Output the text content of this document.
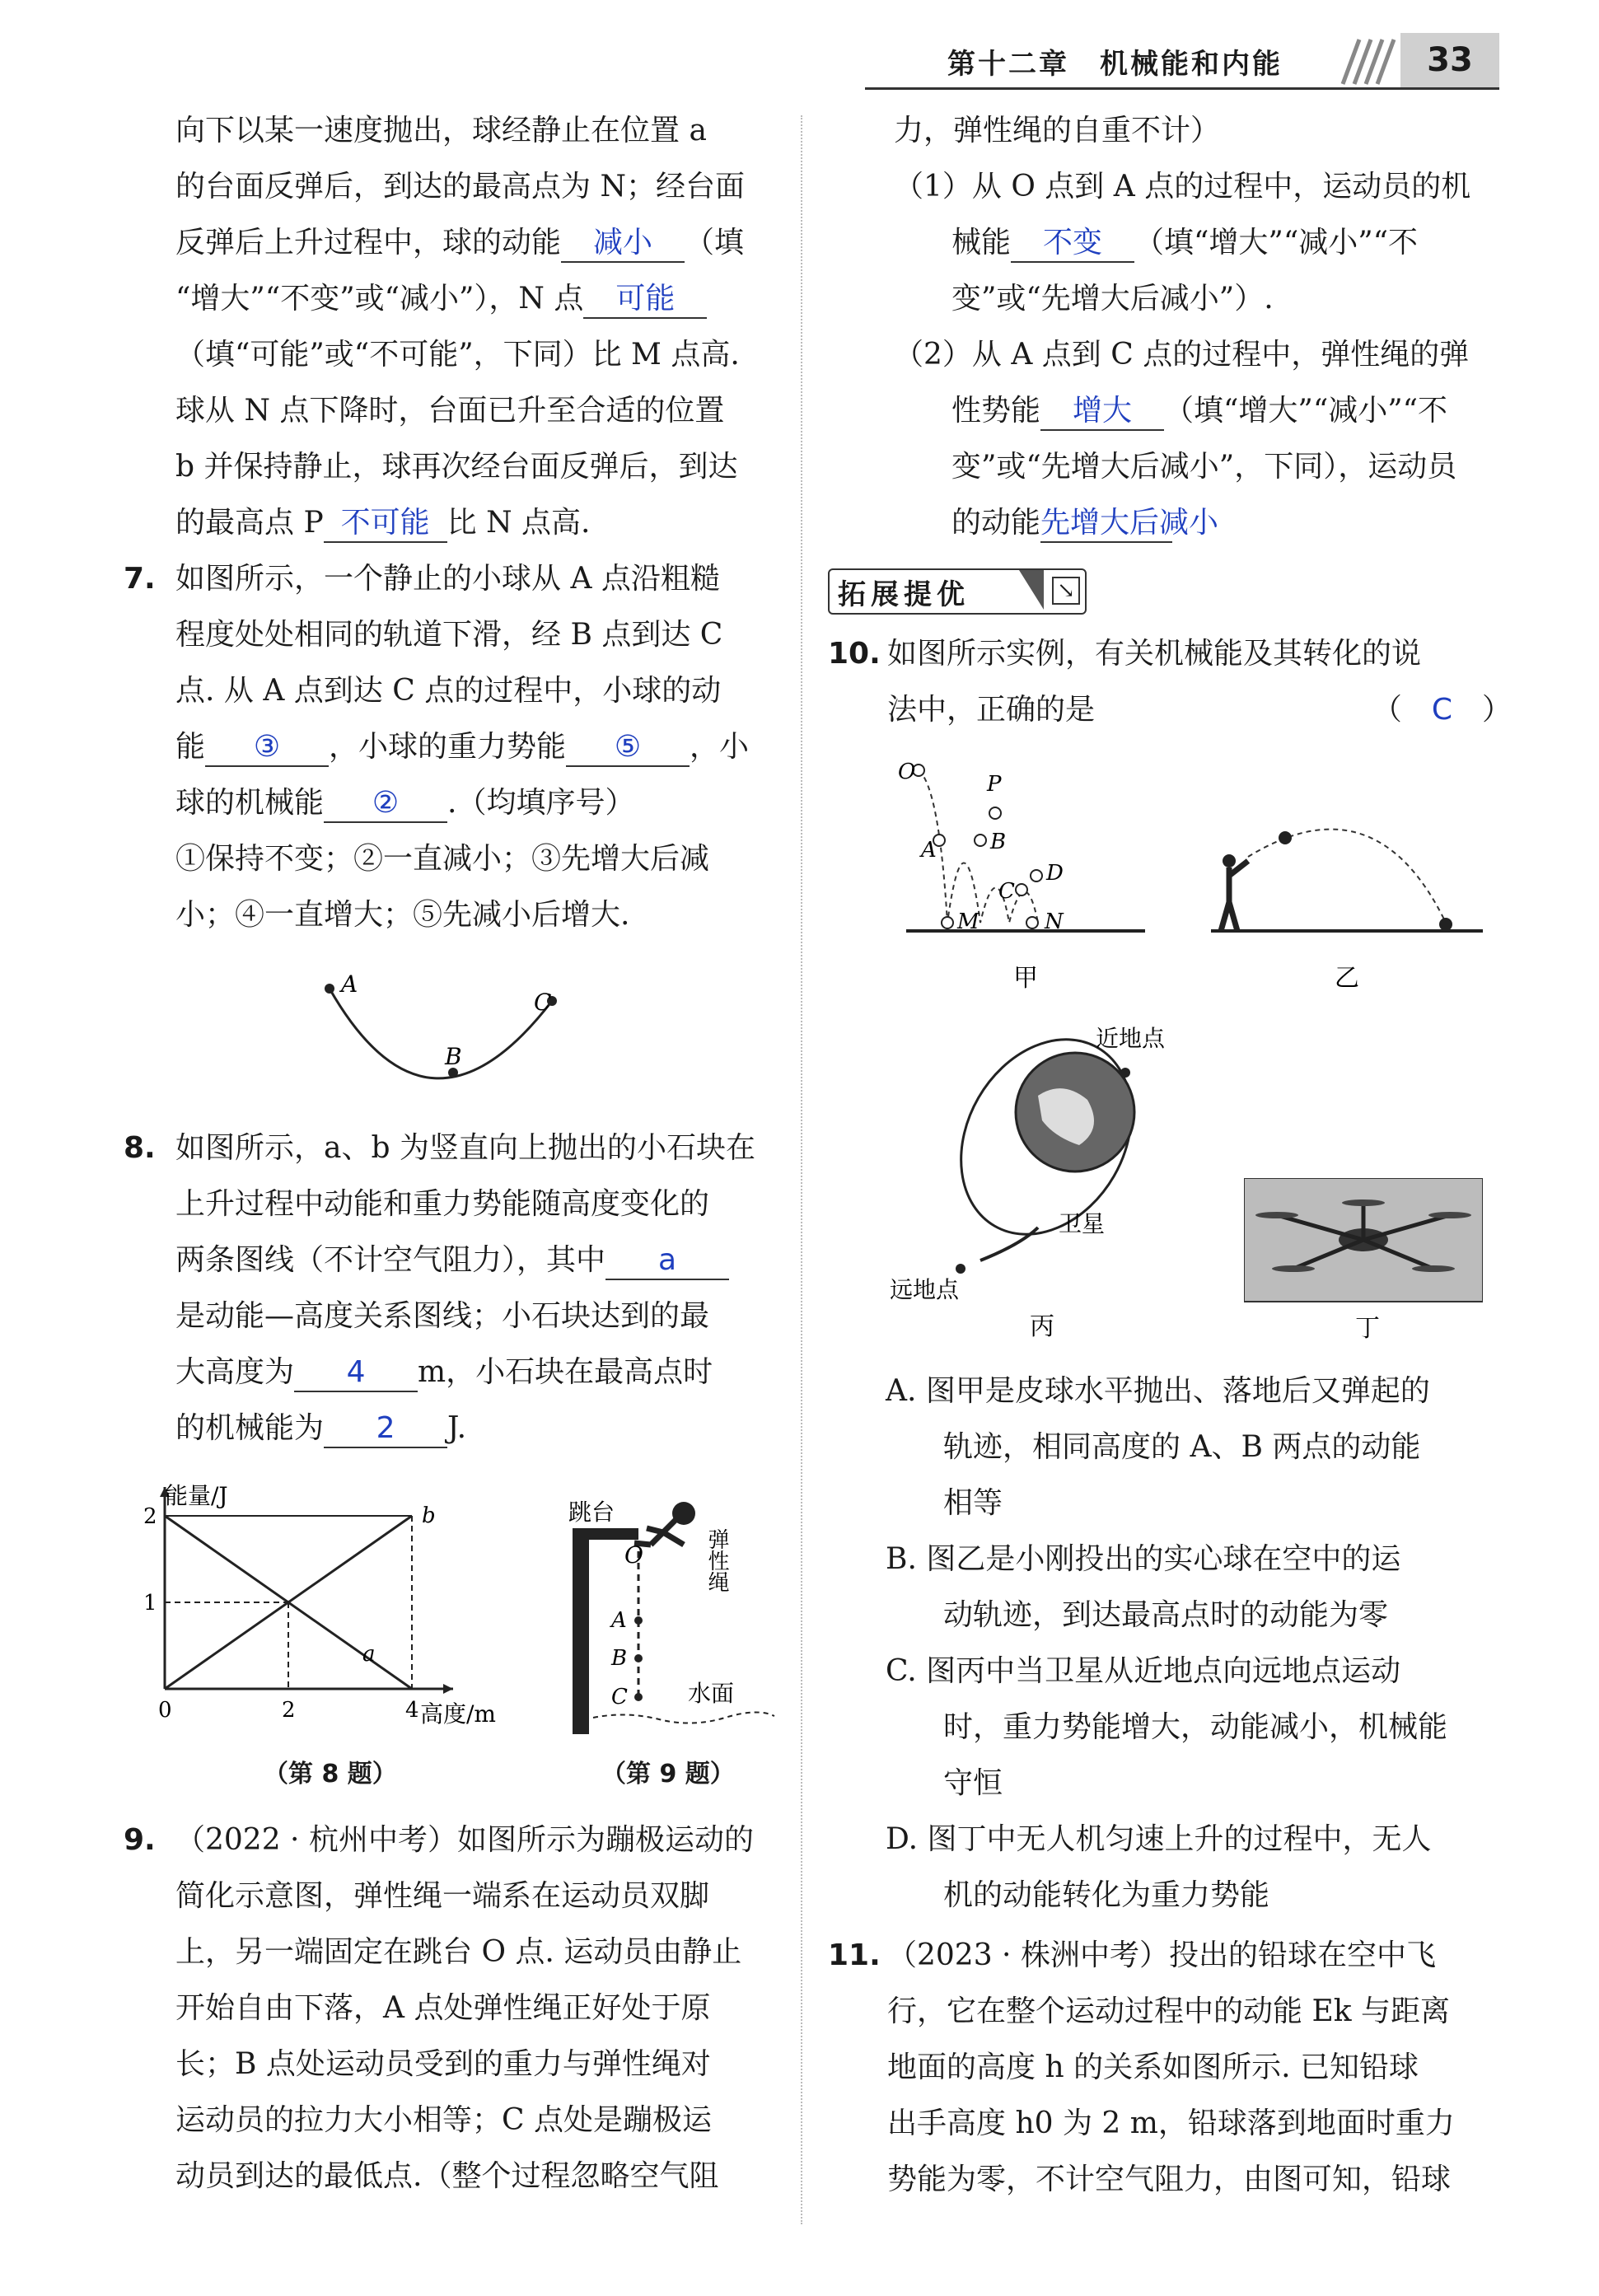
第十二章　机械能和内能	33
向下以某一速度抛出，球经静止在位置 a
的台面反弹后，到达的最高点为 N；经台面
反弹后上升过程中，球的动能 减小 （填
“增大”“不变”或“减小”），N 点 可能
（填“可能”或“不可能”，下同）比 M 点高.
球从 N 点下降时，台面已升至合适的位置
b 并保持静止，球再次经台面反弹后，到达
的最高点 P 不可能 比 N 点高.
7. 如图所示，一个静止的小球从 A 点沿粗糙
程度处处相同的轨道下滑，经 B 点到达 C
点. 从 A 点到达 C 点的过程中，小球的动
能 ③ ，小球的重力势能 ⑤ ，小
球的机械能 ② .（均填序号）
①保持不变；②一直减小；③先增大后减
小；④一直增大；⑤先减小后增大.
A
B
C
8. 如图所示，a、b 为竖直向上抛出的小石块在
上升过程中动能和重力势能随高度变化的
两条图线（不计空气阻力），其中 a
是动能—高度关系图线；小石块达到的最
大高度为 4 m，小石块在最高点时
的机械能为 2 J.
b
a
0	2	4
1
2
能量/J
高度/m
（第 8 题）
跳台
O	弹性绳
A
B
C	水面
（第 9 题）
9. （2022 · 杭州中考）如图所示为蹦极运动的
简化示意图，弹性绳一端系在运动员双脚
上，另一端固定在跳台 O 点. 运动员由静止
开始自由下落，A 点处弹性绳正好处于原
长；B 点处运动员受到的重力与弹性绳对
运动员的拉力大小相等；C 点处是蹦极运
动员到达的最低点.（整个过程忽略空气阻
力，弹性绳的自重不计）
（1）从 O 点到 A 点的过程中，运动员的机
械能 不变 （填“增大”“减小”“不
变”或“先增大后减小”）.
（2）从 A 点到 C 点的过程中，弹性绳的弹
性势能 增大 （填“增大”“减小”“不
变”或“先增大后减小”，下同），运动员
的动能先增大后减小
拓展提优	↘
10. 如图所示实例，有关机械能及其转化的说
法中，正确的是	（　C　）
O	P
A	B
C
D
M	N
甲	乙
近地点
远地点
卫星
丙	丁
A. 图甲是皮球水平抛出、落地后又弹起的
轨迹，相同高度的 A、B 两点的动能
相等
B. 图乙是小刚投出的实心球在空中的运
动轨迹，到达最高点时的动能为零
C. 图丙中当卫星从近地点向远地点运动
时，重力势能增大，动能减小，机械能
守恒
D. 图丁中无人机匀速上升的过程中，无人
机的动能转化为重力势能
11. （2023 · 株洲中考）投出的铅球在空中飞
行，它在整个运动过程中的动能 Ek 与距离
地面的高度 h 的关系如图所示. 已知铅球
出手高度 h0 为 2 m，铅球落到地面时重力
势能为零，不计空气阻力，由图可知，铅球
